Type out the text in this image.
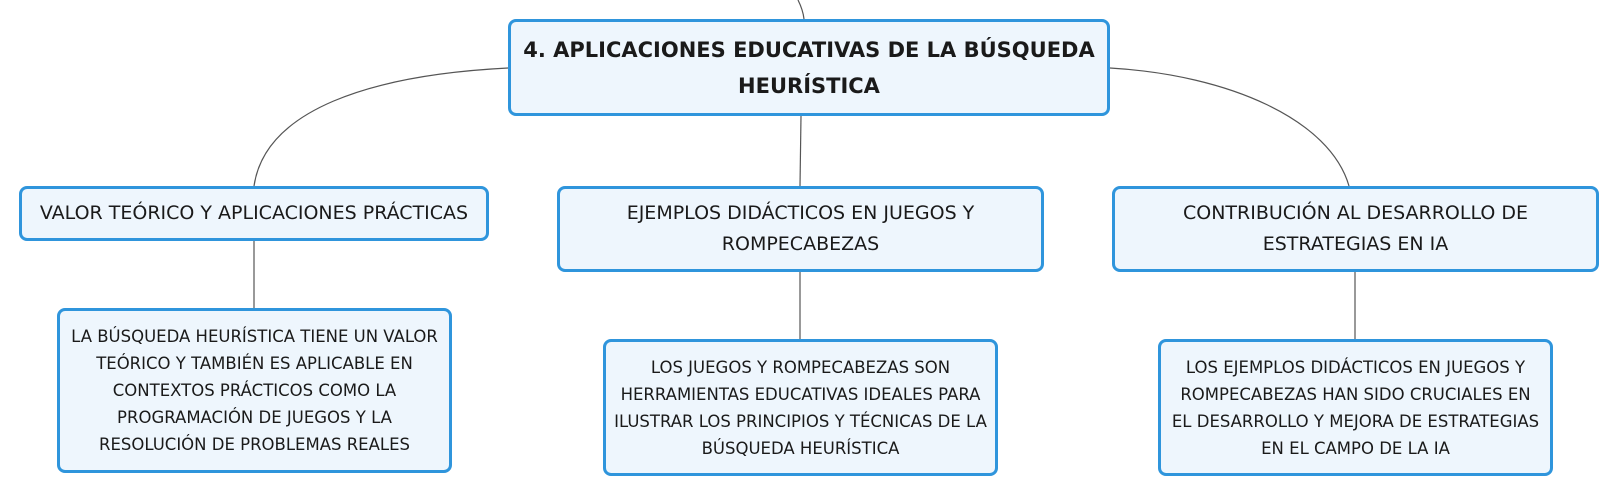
4. APLICACIONES EDUCATIVAS DE LA BÚSQUEDA HEURÍSTICA
VALOR TEÓRICO Y APLICACIONES PRÁCTICAS	EJEMPLOS DIDÁCTICOS EN JUEGOS Y ROMPECABEZAS
CONTRIBUCIÓN AL DESARROLLO DE ESTRATEGIAS EN IA
LA BÚSQUEDA HEURÍSTICA TIENE UN VALOR TEÓRICO Y TAMBIÉN ES APLICABLE EN CONTEXTOS PRÁCTICOS COMO LA PROGRAMACIÓN DE JUEGOS Y LA RESOLUCIÓN DE PROBLEMAS REALES
LOS JUEGOS Y ROMPECABEZAS SON HERRAMIENTAS EDUCATIVAS IDEALES PARA ILUSTRAR LOS PRINCIPIOS Y TÉCNICAS DE LA BÚSQUEDA HEURÍSTICA
LOS EJEMPLOS DIDÁCTICOS EN JUEGOS Y ROMPECABEZAS HAN SIDO CRUCIALES EN EL DESARROLLO Y MEJORA DE ESTRATEGIAS EN EL CAMPO DE LA IA
